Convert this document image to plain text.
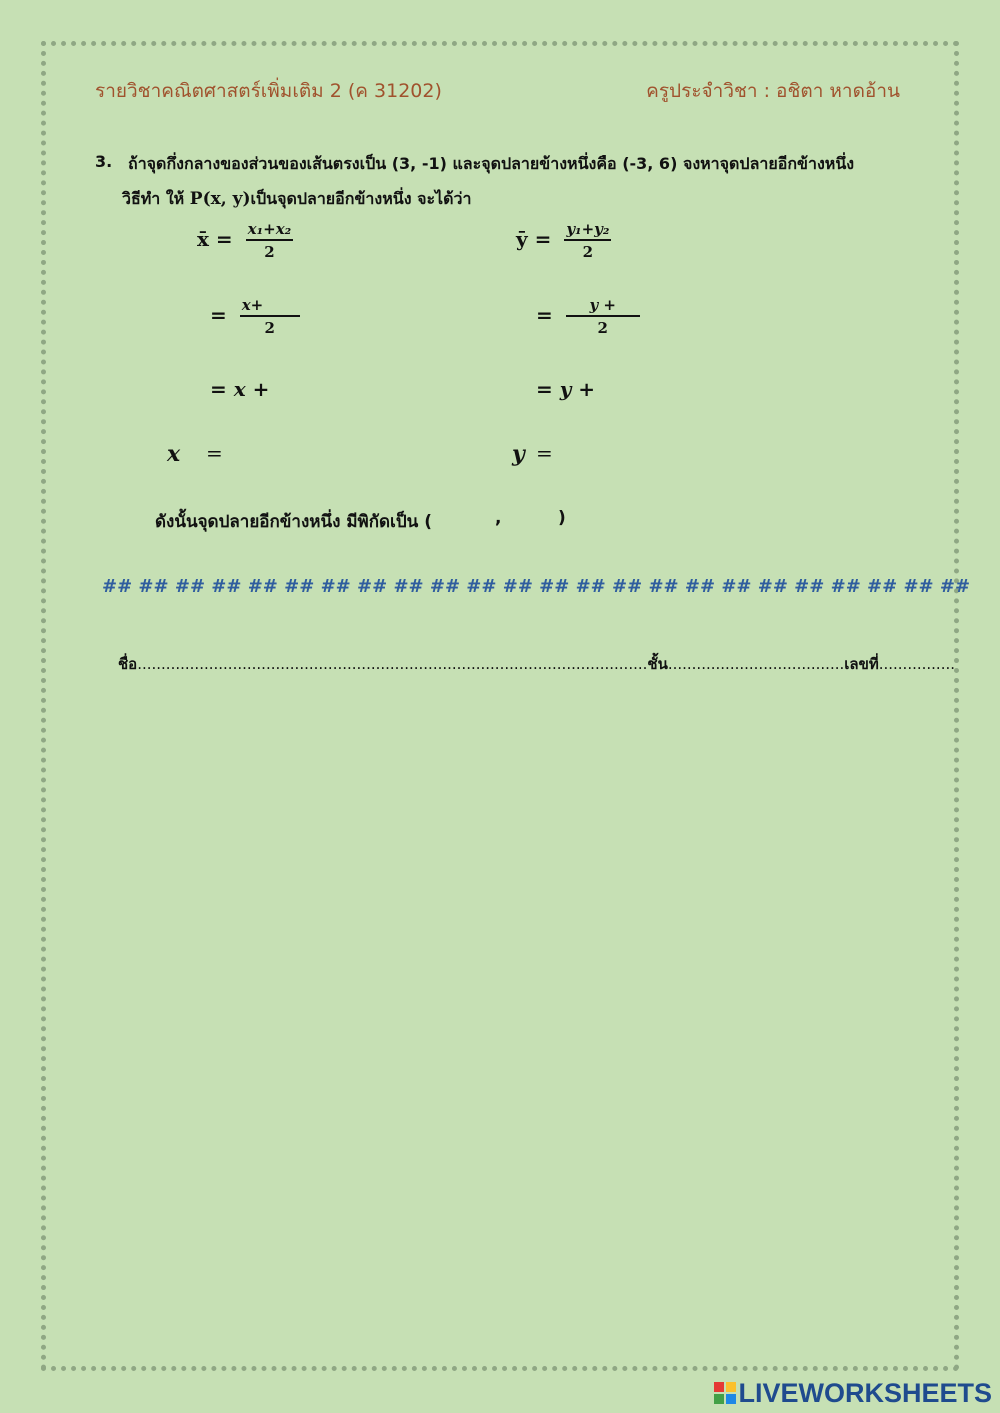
รายวิชาคณิตศาสตร์เพิ่มเติม 2 (ค 31202)	ครูประจำวิชา : อชิตา หาดอ้าน
3. ถ้าจุดกึ่งกลางของส่วนของเส้นตรงเป็น (3, -1) และจุดปลายข้างหนึ่งคือ (-3, 6) จงหาจุดปลายอีกข้างหนึ่ง
วิธีทำ ให้ P(x, y)เป็นจุดปลายอีกข้างหนึ่ง จะได้ว่า
x̄ = $\frac{\text{x₁+x₂}}{2}$
= $\frac{x+}{2}$
= x +
x =
ȳ = $\frac{\text{y₁+y₂}}{2}$
= $\frac{y +}{2}$
= y +
y =
ดังนั้นจุดปลายอีกข้างหนึ่ง มีพิกัดเป็น (	,	)
## ## ## ## ## ## ## ## ## ## ## ## ## ## ## ## ## ## ## ## ## ## ## ##
ชื่อ...........................................................................................................ชั้น.....................................เลขที่................
LIVEWORKSHEETS
